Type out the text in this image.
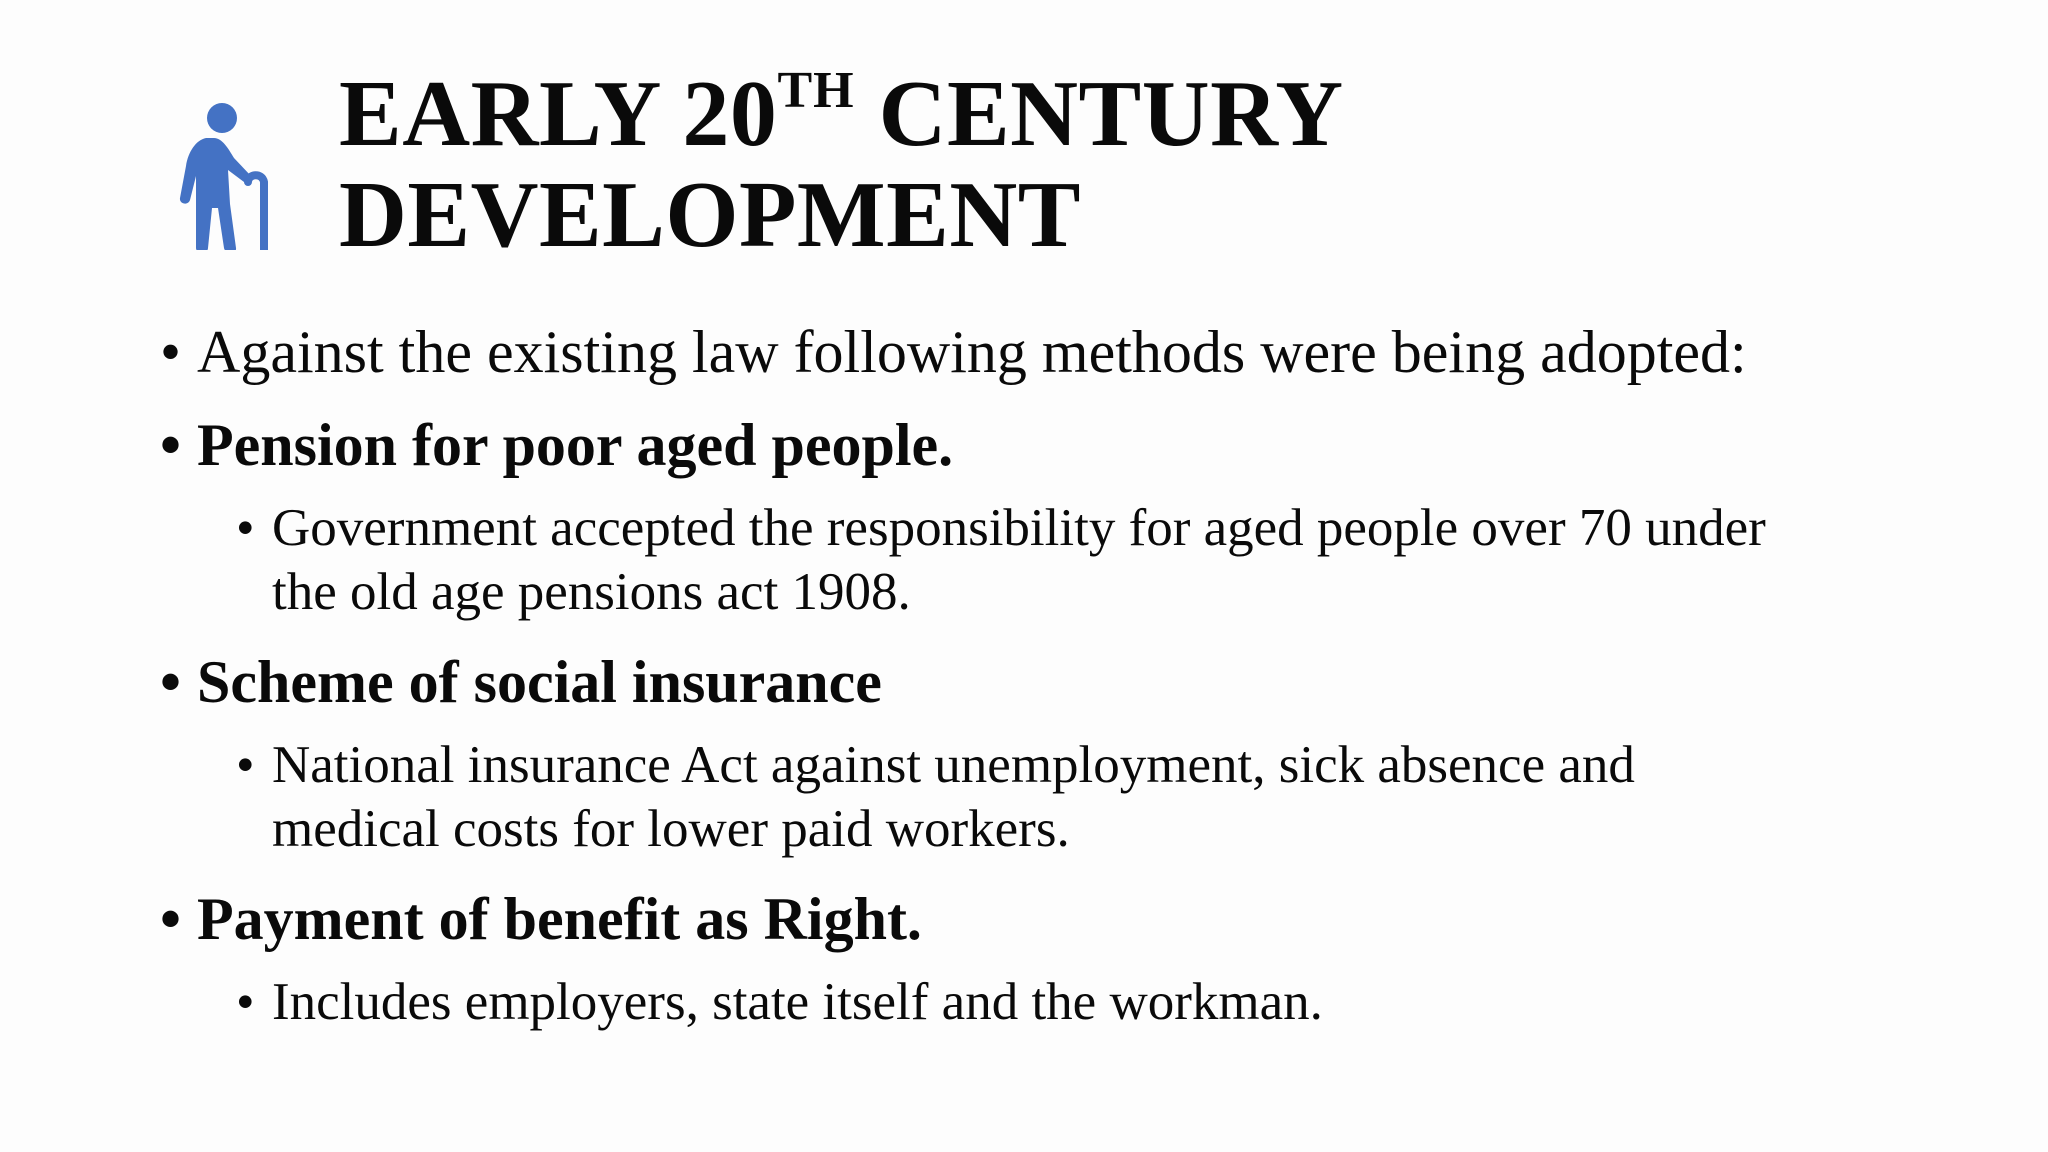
EARLY 20TH CENTURY
DEVELOPMENT
• Against the existing law following methods were being adopted:
• Pension for poor aged people.
• Government accepted the responsibility for aged people over 70 under
the old age pensions act 1908.
• Scheme of social insurance
• National insurance Act against unemployment, sick absence and
medical costs for lower paid workers.
• Payment of benefit as Right.
• Includes employers, state itself and the workman.
